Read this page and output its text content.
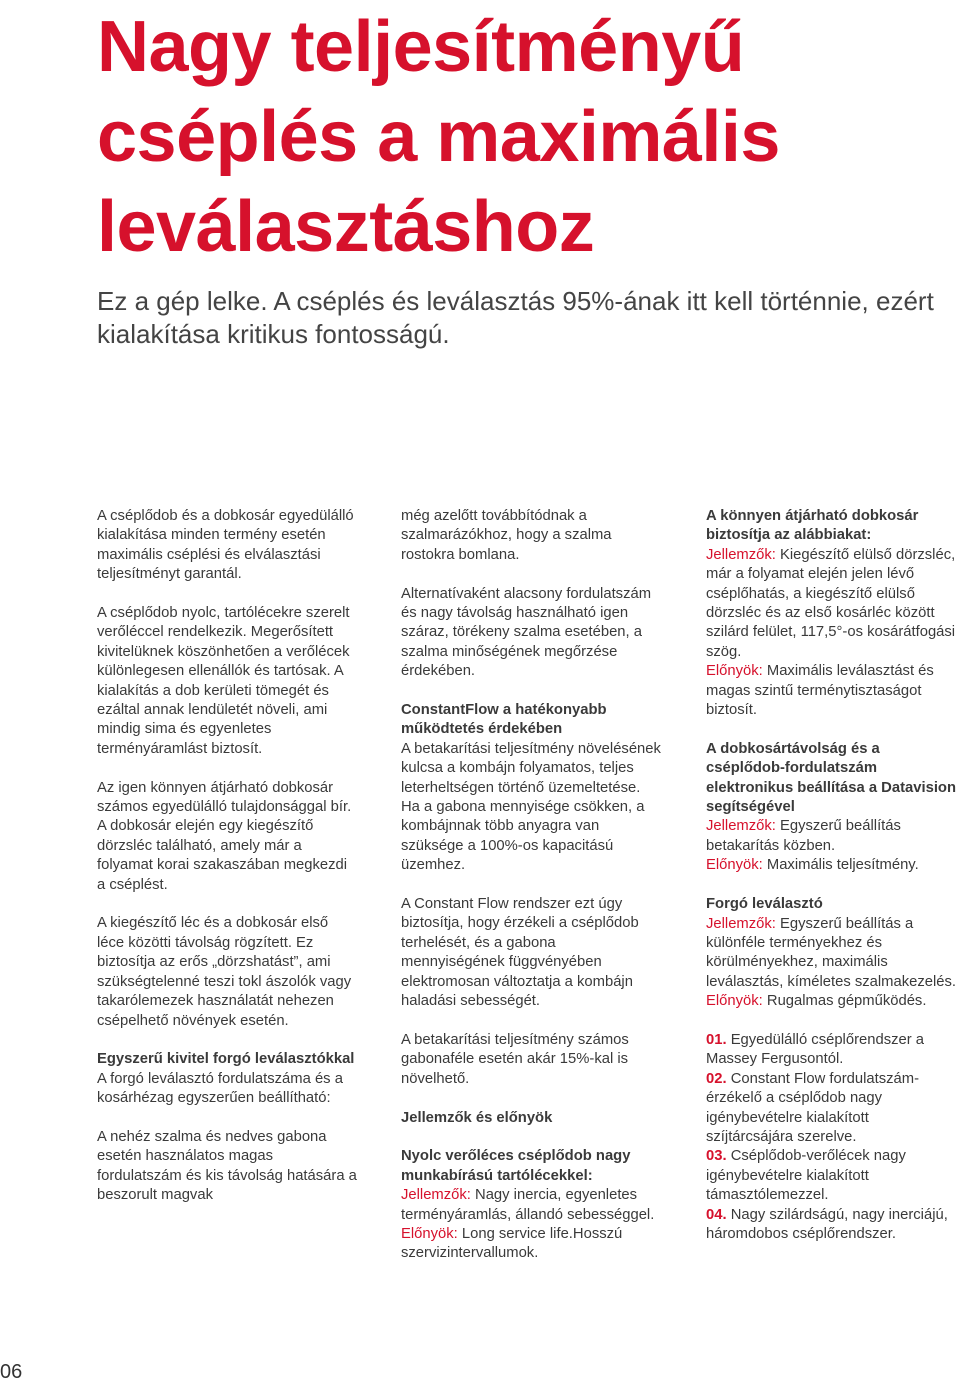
Nagy teljesítményű
cséplés a maximális
leválasztáshoz

Ez a gép lelke. A cséplés és leválasztás 95%-ának itt kell történnie, ezért kialakítása kritikus fontosságú.

A cséplődob és a dobkosár egyedülálló kialakítása minden termény esetén maximális cséplési és elválasztási teljesítményt garantál.

A cséplődob nyolc, tartólécekre szerelt verőléccel rendelkezik. Megerősített kivitelüknek köszönhetően a verőlécek különlegesen ellenállók és tartósak. A kialakítás a dob kerületi tömegét és ezáltal annak lendületét növeli, ami mindig sima és egyenletes terményáramlást biztosít.

Az igen könnyen átjárható dobkosár számos egyedülálló tulajdonsággal bír. A dobkosár elején egy kiegészítő dörzsléc található, amely már a folyamat korai szakaszában megkezdi a cséplést.

A kiegészítő léc és a dobkosár első léce közötti távolság rögzített. Ez biztosítja az erős „dörzshatást”, ami szükségtelenné teszi tokl ászolók vagy takarólemezek használatát nehezen csépelhető növények esetén.

Egyszerű kivitel forgó leválasztókkal
A forgó leválasztó fordulatszáma és a kosárhézag egyszerűen beállítható:

A nehéz szalma és nedves gabona esetén használatos magas fordulatszám és kis távolság hatására a beszorult magvak

még azelőtt továbbítódnak a szalmarázókhoz, hogy a szalma rostokra bomlana.

Alternatívaként alacsony fordulatszám és nagy távolság használható igen száraz, törékeny szalma esetében, a szalma minőségének megőrzése érdekében.

ConstantFlow a hatékonyabb működtetés érdekében
A betakarítási teljesítmény növelésének kulcsa a kombájn folyamatos, teljes leterheltségen történő üzemeltetése. Ha a gabona mennyisége csökken, a kombájnnak több anyagra van szüksége a 100%-os kapacitású üzemhez.

A Constant Flow rendszer ezt úgy biztosítja, hogy érzékeli a cséplődob terhelését, és a gabona mennyiségének függvényében elektromosan változtatja a kombájn haladási sebességét.

A betakarítási teljesítmény számos gabonaféle esetén akár 15%-kal is növelhető.

Jellemzők és előnyök

Nyolc verőléces cséplődob nagy munkabírású tartólécekkel:
Jellemzők: Nagy inercia, egyenletes terményáramlás, állandó sebességgel.
Előnyök: Long service life.Hosszú szervizintervallumok.

A könnyen átjárható dobkosár biztosítja az alábbiakat:
Jellemzők: Kiegészítő elülső dörzsléc, már a folyamat elején jelen lévő cséplőhatás, a kiegészítő elülső dörzsléc és az első kosárléc között szilárd felület, 117,5°-os kosárátfogási szög.
Előnyök: Maximális leválasztást és magas szintű terménytisztaságot biztosít.

A dobkosártávolság és a cséplődob-fordulatszám elektronikus beállítása a Datavision segítségével
Jellemzők: Egyszerű beállítás betakarítás közben.
Előnyök: Maximális teljesítmény.

Forgó leválasztó
Jellemzők: Egyszerű beállítás a különféle terményekhez és körülményekhez, maximális leválasztás, kíméletes szalmakezelés.
Előnyök: Rugalmas gépműködés.

01. Egyedülálló cséplőrendszer a Massey Fergusontól.
02. Constant Flow fordulatszám-érzékelő a cséplődob nagy igénybevételre kialakított szíjtárcsájára szerelve.
03. Cséplődob-verőlécek nagy igénybevételre kialakított támasztólemezzel.
04. Nagy szilárdságú, nagy inerciájú, háromdobos cséplőrendszer.

06
